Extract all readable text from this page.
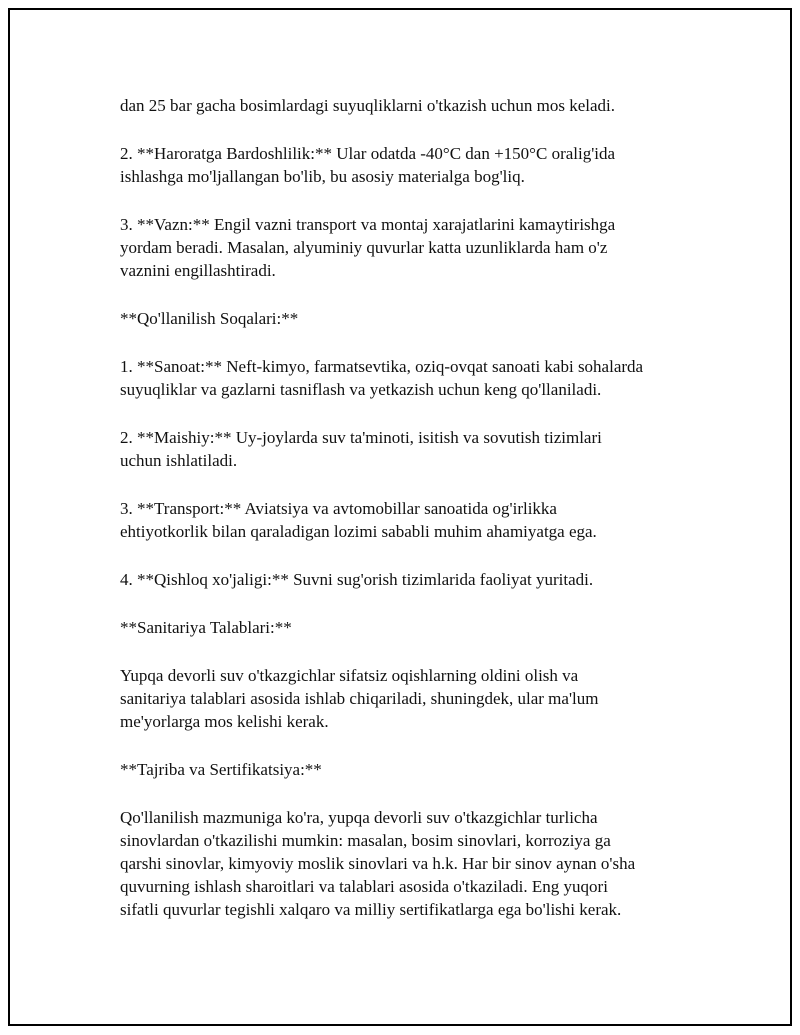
dan 25 bar gacha bosimlardagi suyuqliklarni o'tkazish uchun mos keladi.

2. **Haroratga Bardoshlilik:** Ular odatda -40°C dan +150°C oralig'ida
ishlashga mo'ljallangan bo'lib, bu asosiy materialga bog'liq.

3. **Vazn:** Engil vazni transport va montaj xarajatlarini kamaytirishga
yordam beradi. Masalan, alyuminiy quvurlar katta uzunliklarda ham o'z
vaznini engillashtiradi.

**Qo'llanilish Soqalari:**

1. **Sanoat:** Neft-kimyo, farmatsevtika, oziq-ovqat sanoati kabi sohalarda
suyuqliklar va gazlarni tasniflash va yetkazish uchun keng qo'llaniladi.

2. **Maishiy:** Uy-joylarda suv ta'minoti, isitish va sovutish tizimlari
uchun ishlatiladi.

3. **Transport:** Aviatsiya va avtomobillar sanoatida og'irlikka
ehtiyotkorlik bilan qaraladigan lozimi sababli muhim ahamiyatga ega.

4. **Qishloq xo'jaligi:** Suvni sug'orish tizimlarida faoliyat yuritadi.

**Sanitariya Talablari:**

Yupqa devorli suv o'tkazgichlar sifatsiz oqishlarning oldini olish va
sanitariya talablari asosida ishlab chiqariladi, shuningdek, ular ma'lum
me'yorlarga mos kelishi kerak.

**Tajriba va Sertifikatsiya:**

Qo'llanilish mazmuniga ko'ra, yupqa devorli suv o'tkazgichlar turlicha
sinovlardan o'tkazilishi mumkin: masalan, bosim sinovlari, korroziya ga
qarshi sinovlar, kimyoviy moslik sinovlari va h.k. Har bir sinov aynan o'sha
quvurning ishlash sharoitlari va talablari asosida o'tkaziladi. Eng yuqori
sifatli quvurlar tegishli xalqaro va milliy sertifikatlarga ega bo'lishi kerak.
